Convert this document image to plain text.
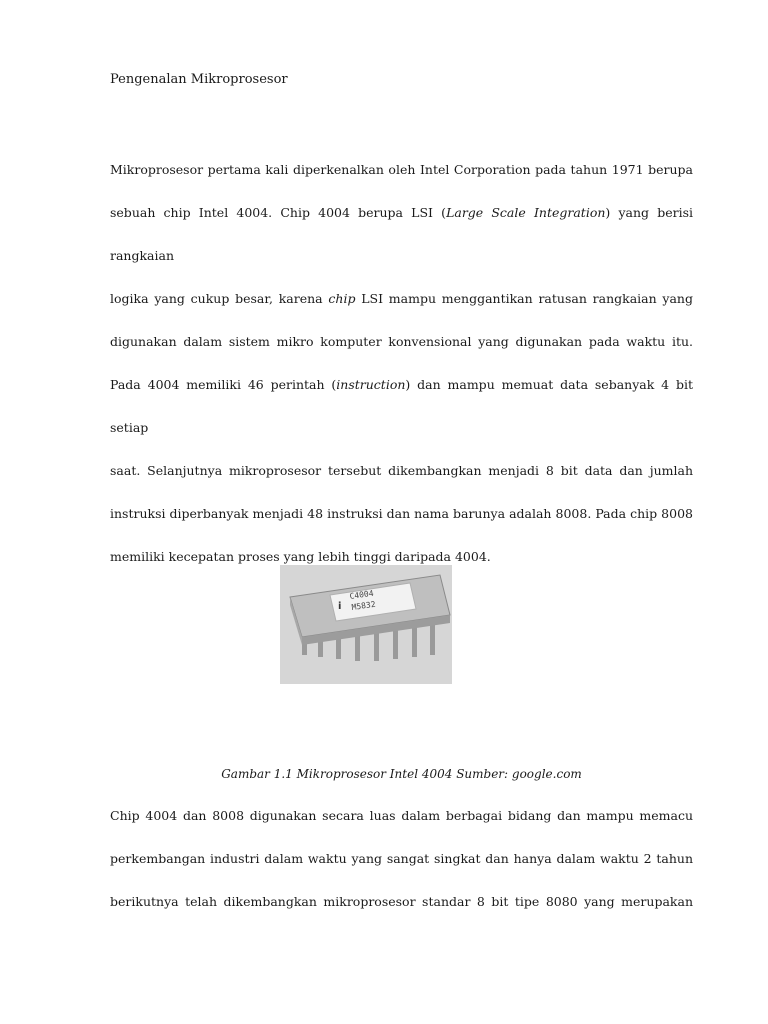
Pengenalan Mikroprosesor

Mikroprosesor pertama kali diperkenalkan oleh Intel Corporation pada tahun 1971 berupa
sebuah chip Intel 4004. Chip 4004 berupa LSI (Large Scale Integration) yang berisi rangkaian
logika yang cukup besar, karena chip LSI mampu menggantikan ratusan rangkaian yang
digunakan dalam sistem mikro komputer konvensional yang digunakan pada waktu itu.
Pada 4004 memiliki 46 perintah (instruction) dan mampu memuat data sebanyak 4 bit setiap
saat. Selanjutnya mikroprosesor tersebut dikembangkan menjadi 8 bit data dan jumlah
instruksi diperbanyak menjadi 48 instruksi dan nama barunya adalah 8008. Pada chip 8008
memiliki kecepatan proses yang lebih tinggi daripada 4004.

i
C4004
M5832

Gambar 1.1 Mikroprosesor Intel 4004 Sumber: google.com

Chip 4004 dan 8008 digunakan secara luas dalam berbagai bidang dan mampu memacu
perkembangan industri dalam waktu yang sangat singkat dan hanya dalam waktu 2 tahun
berikutnya telah dikembangkan mikroprosesor standar 8 bit tipe 8080 yang merupakan
